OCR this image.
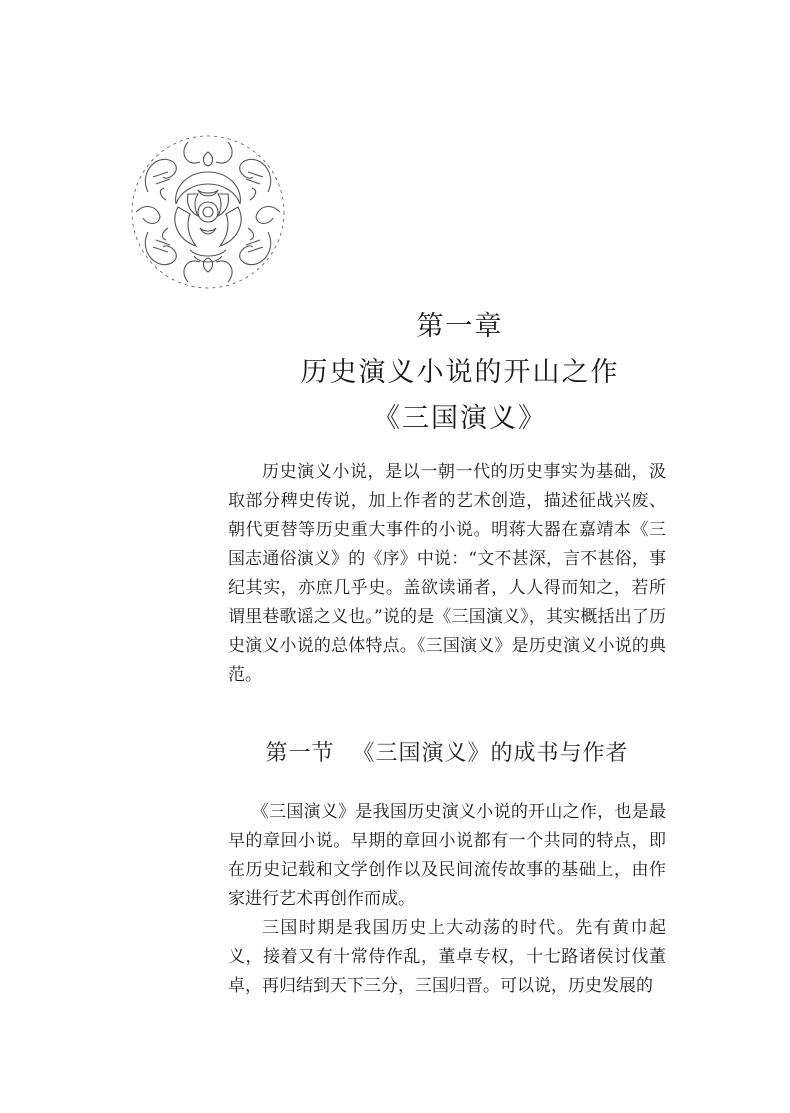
第一章
历史演义小说的开山之作
《三国演义》

历史演义小说，是以一朝一代的历史事实为基础，汲取部分稗史传说，加上作者的艺术创造，描述征战兴废、朝代更替等历史重大事件的小说。明蒋大器在嘉靖本《三国志通俗演义》的《序》中说：“文不甚深，言不甚俗，事纪其实，亦庶几乎史。盖欲读诵者，人人得而知之，若所谓里巷歌谣之义也。”说的是《三国演义》，其实概括出了历史演义小说的总体特点。《三国演义》是历史演义小说的典范。

第一节 《三国演义》的成书与作者

《三国演义》是我国历史演义小说的开山之作，也是最早的章回小说。早期的章回小说都有一个共同的特点，即在历史记载和文学创作以及民间流传故事的基础上，由作家进行艺术再创作而成。

三国时期是我国历史上大动荡的时代。先有黄巾起义，接着又有十常侍作乱，董卓专权，十七路诸侯讨伐董卓，再归结到天下三分，三国归晋。可以说，历史发展的
